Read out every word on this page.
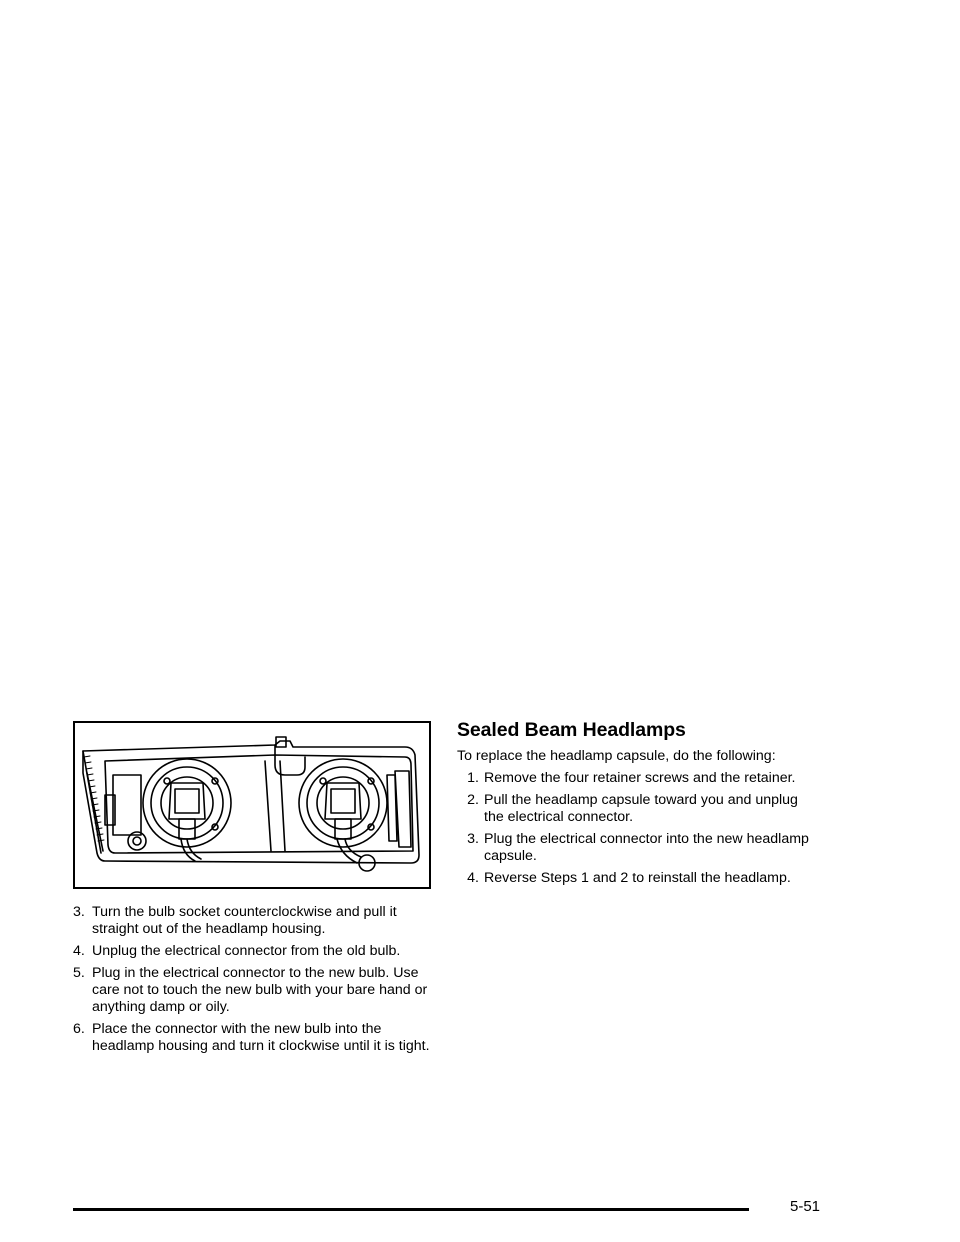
3. Turn the bulb socket counterclockwise and pull it straight out of the headlamp housing.
4. Unplug the electrical connector from the old bulb.
5. Plug in the electrical connector to the new bulb. Use care not to touch the new bulb with your bare hand or anything damp or oily.
6. Place the connector with the new bulb into the headlamp housing and turn it clockwise until it is tight.
Sealed Beam Headlamps

To replace the headlamp capsule, do the following:

1. Remove the four retainer screws and the retainer.
2. Pull the headlamp capsule toward you and unplug the electrical connector.
3. Plug the electrical connector into the new headlamp capsule.
4. Reverse Steps 1 and 2 to reinstall the headlamp.
5-51
